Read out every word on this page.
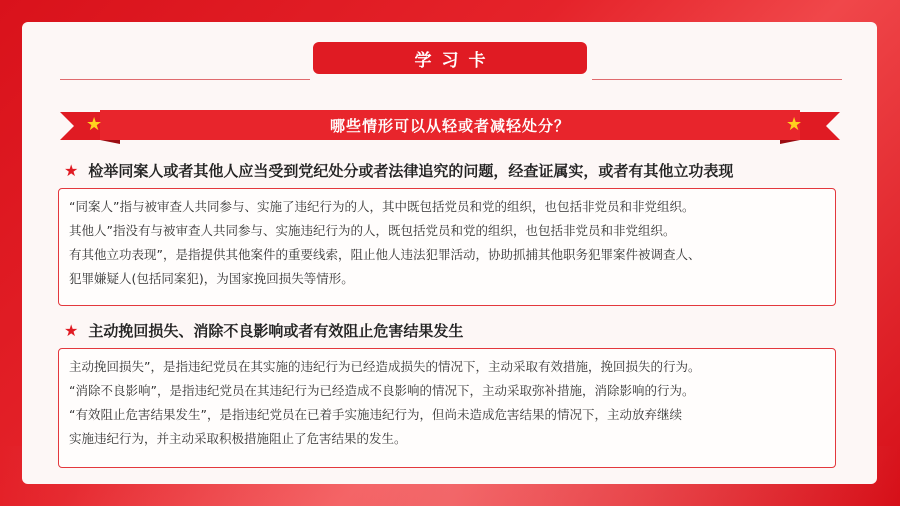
学习卡
★	★
哪些情形可以从轻或者减轻处分？
★ 检举同案人或者其他人应当受到党纪处分或者法律追究的问题，经查证属实，或者有其他立功表现

“同案人”指与被审查人共同参与、实施了违纪行为的人，其中既包括党员和党的组织，也包括非党员和非党组织。

其他人”指没有与被审查人共同参与、实施违纪行为的人，既包括党员和党的组织，也包括非党员和非党组织。

有其他立功表现”，是指提供其他案件的重要线索，阻止他人违法犯罪活动，协助抓捕其他职务犯罪案件被调查人、

犯罪嫌疑人(包括同案犯)，为国家挽回损失等情形。

★ 主动挽回损失、消除不良影响或者有效阻止危害结果发生

主动挽回损失”，是指违纪党员在其实施的违纪行为已经造成损失的情况下，主动采取有效措施，挽回损失的行为。

“消除不良影响”，是指违纪党员在其违纪行为已经造成不良影响的情况下，主动采取弥补措施，消除影响的行为。

“有效阻止危害结果发生”，是指违纪党员在已着手实施违纪行为，但尚未造成危害结果的情况下，主动放弃继续

实施违纪行为，并主动采取积极措施阻止了危害结果的发生。
